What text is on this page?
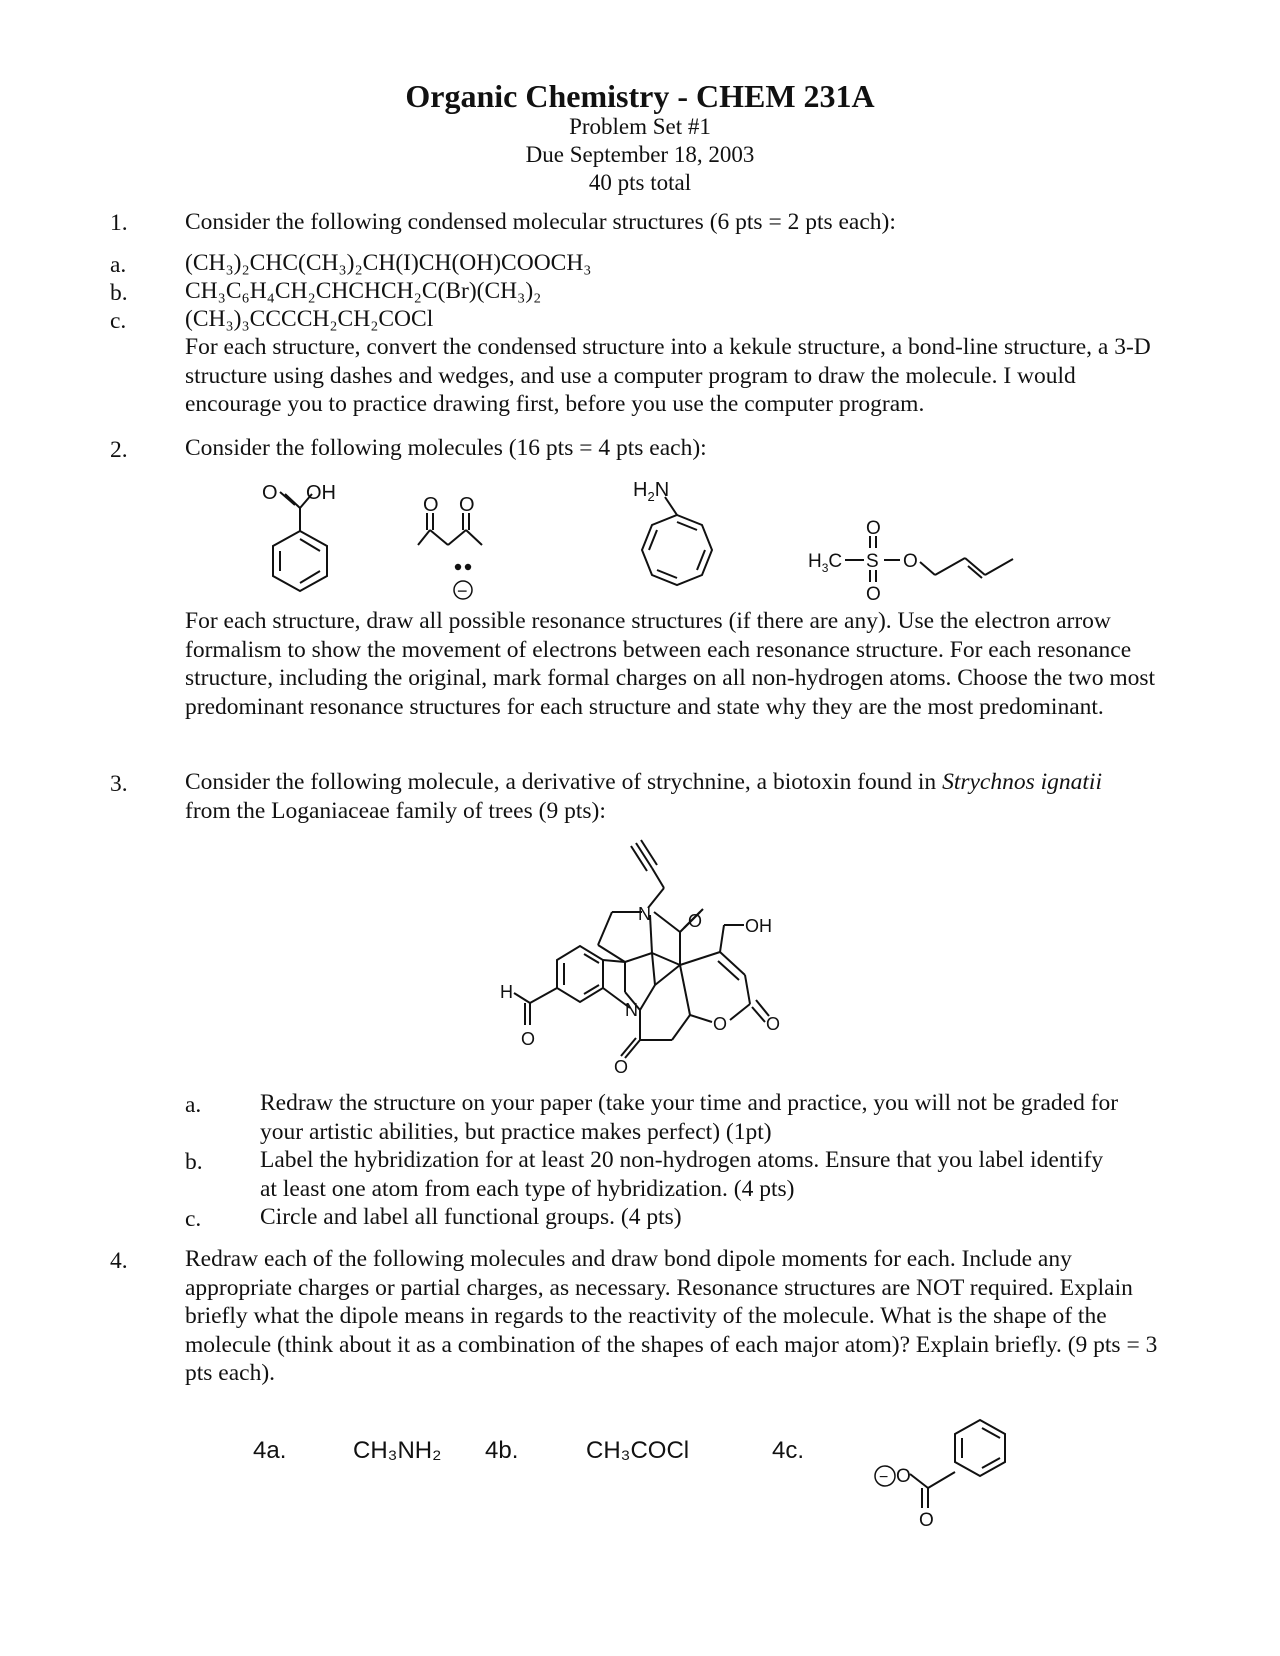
Organic Chemistry - CHEM 231A
Problem Set #1
Due September 18, 2003
40 pts total
1. Consider the following condensed molecular structures (6 pts = 2 pts each):
a. (CH₃)₂CHC(CH₃)₂CH(I)CH(OH)COOCH₃
b. CH₃C₆H₄CH₂CHCHCH₂C(Br)(CH₃)₂
c. (CH₃)₃CCCCH₂CH₂COCl
For each structure, convert the condensed structure into a kekule structure, a bond-line structure, a 3-D structure using dashes and wedges, and use a computer program to draw the molecule. I would encourage you to practice drawing first, before you use the computer program.
2. Consider the following molecules (16 pts = 4 pts each):
O OH
O O
−
$H_2N$
$H_3C$ S
O
O
O
For each structure, draw all possible resonance structures (if there are any). Use the electron arrow formalism to show the movement of electrons between each resonance structure. For each resonance structure, including the original, mark formal charges on all non-hydrogen atoms. Choose the two most predominant resonance structures for each structure and state why they are the most predominant.
3. Consider the following molecule, a derivative of strychnine, a biotoxin found in Strychnos ignatii from the Loganiaceae family of trees (9 pts):
N O OH
N
H
O
O
O O
a. Redraw the structure on your paper (take your time and practice, you will not be graded for your artistic abilities, but practice makes perfect) (1pt)
b. Label the hybridization for at least 20 non-hydrogen atoms. Ensure that you label identify at least one atom from each type of hybridization. (4 pts)
c. Circle and label all functional groups. (4 pts)
4. Redraw each of the following molecules and draw bond dipole moments for each. Include any appropriate charges or partial charges, as necessary. Resonance structures are NOT required. Explain briefly what the dipole means in regards to the reactivity of the molecule. What is the shape of the molecule (think about it as a combination of the shapes of each major atom)? Explain briefly. (9 pts = 3 pts each).
4a.	CH₃NH₂ 4b.	CH₃COCl	4c.
− O
O
